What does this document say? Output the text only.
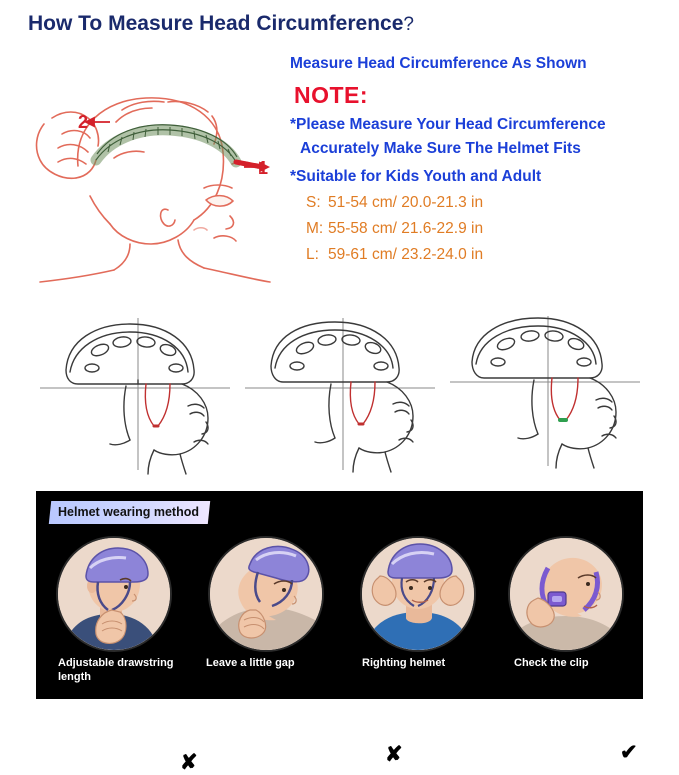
How To Measure Head Circumference?
2
1
Measure Head Circumference As Shown
NOTE:
*Please Measure Your Head Circumference
Accurately Make Sure The Helmet Fits
*Suitable for Kids Youth and Adult
S: 51-54 cm/ 20.0-21.3 in
M: 55-58 cm/ 21.6-22.9 in
L: 59-61 cm/ 23.2-24.0 in
✘	✘	✔
Helmet wearing method
Adjustable drawstring length
Leave a little gap	Righting helmet	Check the clip
